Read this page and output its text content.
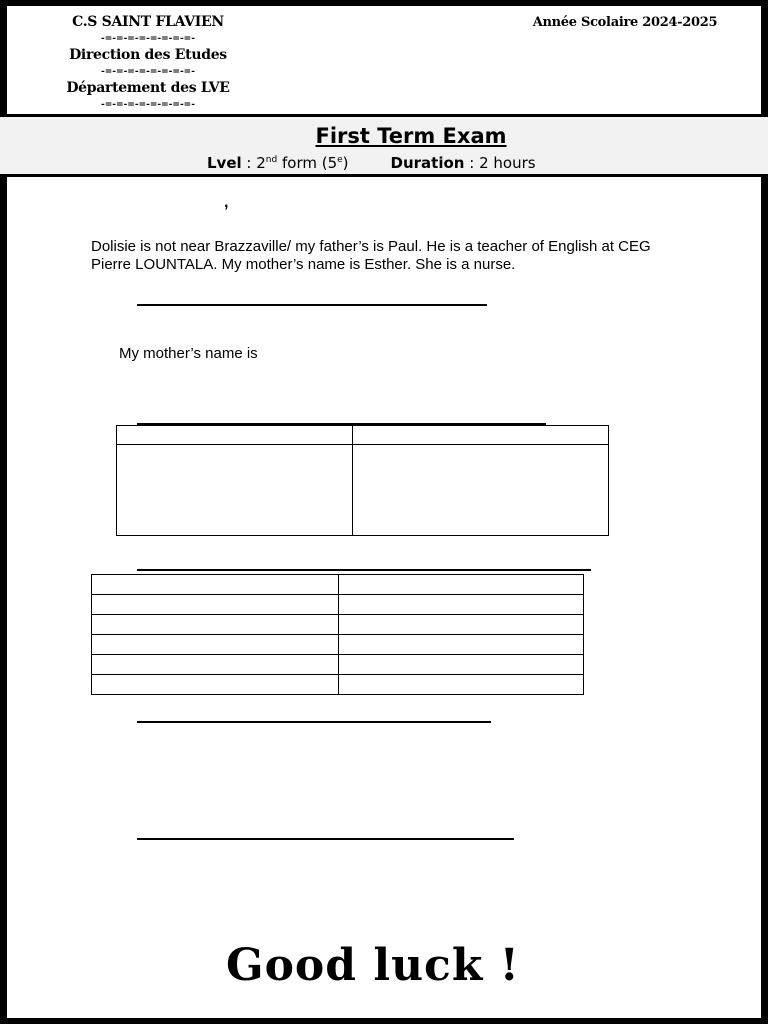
C.S SAINT FLAVIEN
-=-=-=-=-=-=-=-=-
Direction des Etudes
-=-=-=-=-=-=-=-=-
Département des LVE
-=-=-=-=-=-=-=-=-
Année Scolaire 2024-2025
First Term Exam
Lvel : 2nd form (5e)	Duration : 2 hours
,
Dolisie is not near Brazzaville/ my father’s is Paul. He is a teacher of English at CEG Pierre LOUNTALA. My mother’s name is Esther. She is a nurse.
My mother’s name is

Good luck !
